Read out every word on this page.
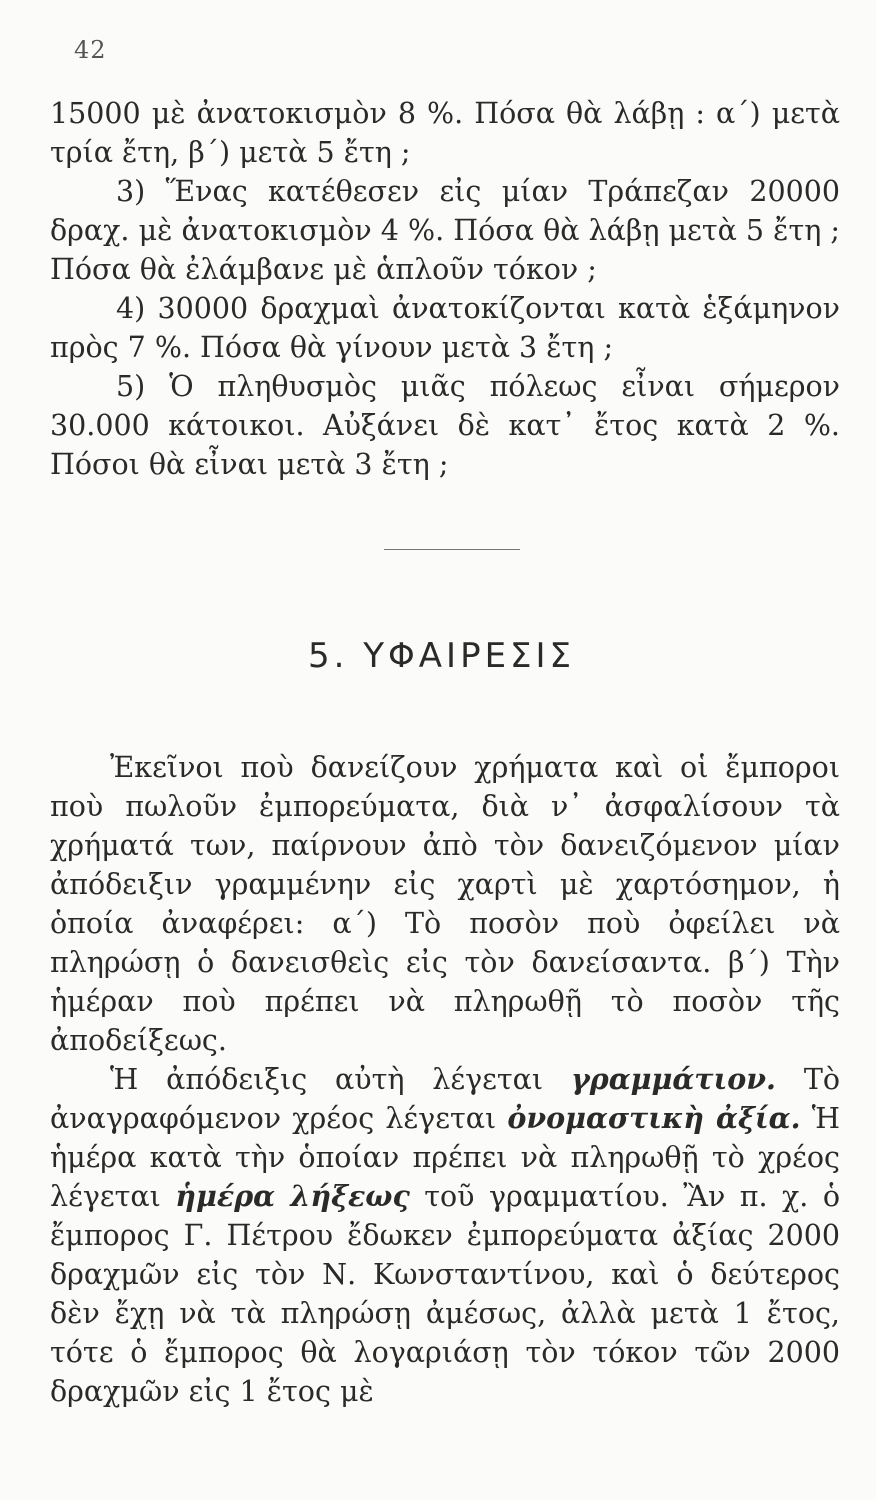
42

15000 μὲ ἀνατοκισμὸν 8 %. Πόσα θὰ λάβῃ : α΄) μετὰ τρία ἔτη, β΄) μετὰ 5 ἔτη ;

3) Ἕνας κατέθεσεν εἰς μίαν Τράπεζαν 20000 δραχ. μὲ ἀνατοκισμὸν 4 %. Πόσα θὰ λάβῃ μετὰ 5 ἔτη ; Πόσα θὰ ἐλάμβανε μὲ ἁπλοῦν τόκον ;

4) 30000 δραχμαὶ ἀνατοκίζονται κατὰ ἑξάμηνον πρὸς 7 %. Πόσα θὰ γίνουν μετὰ 3 ἔτη ;

5) Ὁ πληθυσμὸς μιᾶς πόλεως εἶναι σήμερον 30.000 κάτοικοι. Αὐξάνει δὲ κατ᾽ ἔτος κατὰ 2 %. Πόσοι θὰ εἶναι μετὰ 3 ἔτη ;

5. ΥΦΑΙΡΕΣΙΣ

Ἐκεῖνοι ποὺ δανείζουν χρήματα καὶ οἱ ἔμποροι ποὺ πωλοῦν ἐμπορεύματα, διὰ ν᾽ ἀσφαλίσουν τὰ χρήματά των, παίρνουν ἀπὸ τὸν δανειζόμενον μίαν ἀπόδειξιν γραμμένην εἰς χαρτὶ μὲ χαρτόσημον, ἡ ὁποία ἀναφέρει: α΄) Τὸ ποσὸν ποὺ ὀφείλει νὰ πληρώσῃ ὁ δανεισθεὶς εἰς τὸν δανείσαντα. β΄) Τὴν ἡμέραν ποὺ πρέπει νὰ πληρωθῇ τὸ ποσὸν τῆς ἀποδείξεως.

Ἡ ἀπόδειξις αὐτὴ λέγεται γραμμάτιον. Τὸ ἀναγραφόμενον χρέος λέγεται ὀνομαστικὴ ἀξία. Ἡ ἡμέρα κατὰ τὴν ὁποίαν πρέπει νὰ πληρωθῇ τὸ χρέος λέγεται ἡμέρα λήξεως τοῦ γραμματίου. Ἂν π. χ. ὁ ἔμπορος Γ. Πέτρου ἔδωκεν ἐμπορεύματα ἀξίας 2000 δραχμῶν εἰς τὸν Ν. Κωνσταντίνου, καὶ ὁ δεύτερος δὲν ἔχῃ νὰ τὰ πληρώσῃ ἀμέσως, ἀλλὰ μετὰ 1 ἔτος, τότε ὁ ἔμπορος θὰ λογαριάσῃ τὸν τόκον τῶν 2000 δραχμῶν εἰς 1 ἔτος μὲ
